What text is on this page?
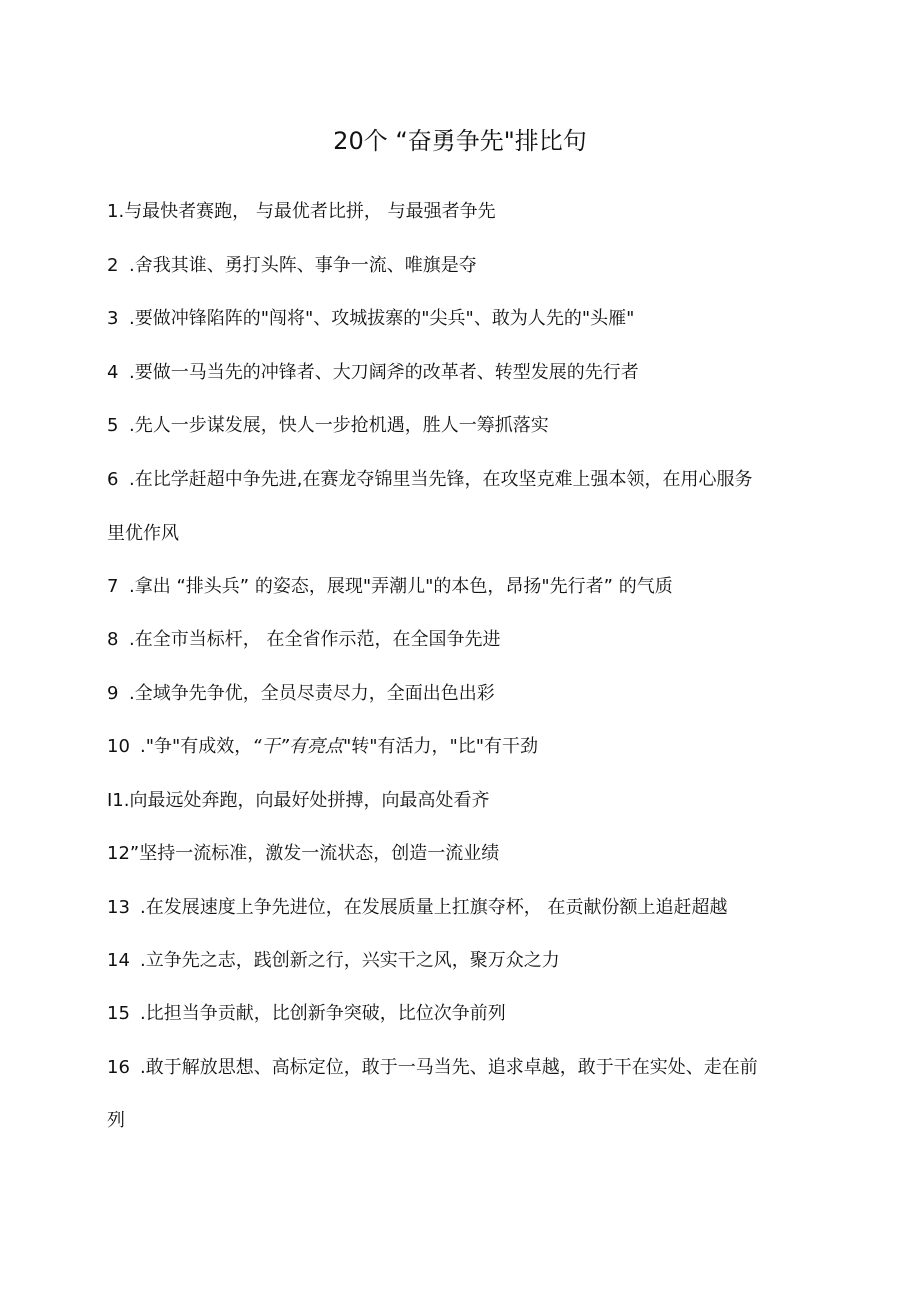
20个 “奋勇争先"排比句
1.与最快者赛跑， 与最优者比拼， 与最强者争先
2 .舍我其谁、勇打头阵、事争一流、唯旗是夺
3 .要做冲锋陷阵的"闯将"、攻城拔寨的"尖兵"、敢为人先的"头雁"
4 .要做一马当先的冲锋者、大刀阔斧的改革者、转型发展的先行者
5 .先人一步谋发展，快人一步抢机遇，胜人一筹抓落实
6 .在比学赶超中争先进,在赛龙夺锦里当先锋，在攻坚克难上强本领，在用心服务
里优作风
7 .拿出 “排头兵” 的姿态，展现"弄潮儿"的本色，昂扬"先行者” 的气质
8 .在全市当标杆， 在全省作示范，在全国争先进
9 .全域争先争优，全员尽责尽力，全面出色出彩
10 ."争"有成效，“干”有亮点"转"有活力，"比"有干劲
I1.向最远处奔跑，向最好处拼搏，向最高处看齐
12”坚持一流标准，激发一流状态，创造一流业绩
13 .在发展速度上争先进位，在发展质量上扛旗夺杯， 在贡献份额上追赶超越
14 .立争先之志，践创新之行，兴实干之风，聚万众之力
15 .比担当争贡献，比创新争突破，比位次争前列
16 .敢于解放思想、高标定位，敢于一马当先、追求卓越，敢于干在实处、走在前
列
